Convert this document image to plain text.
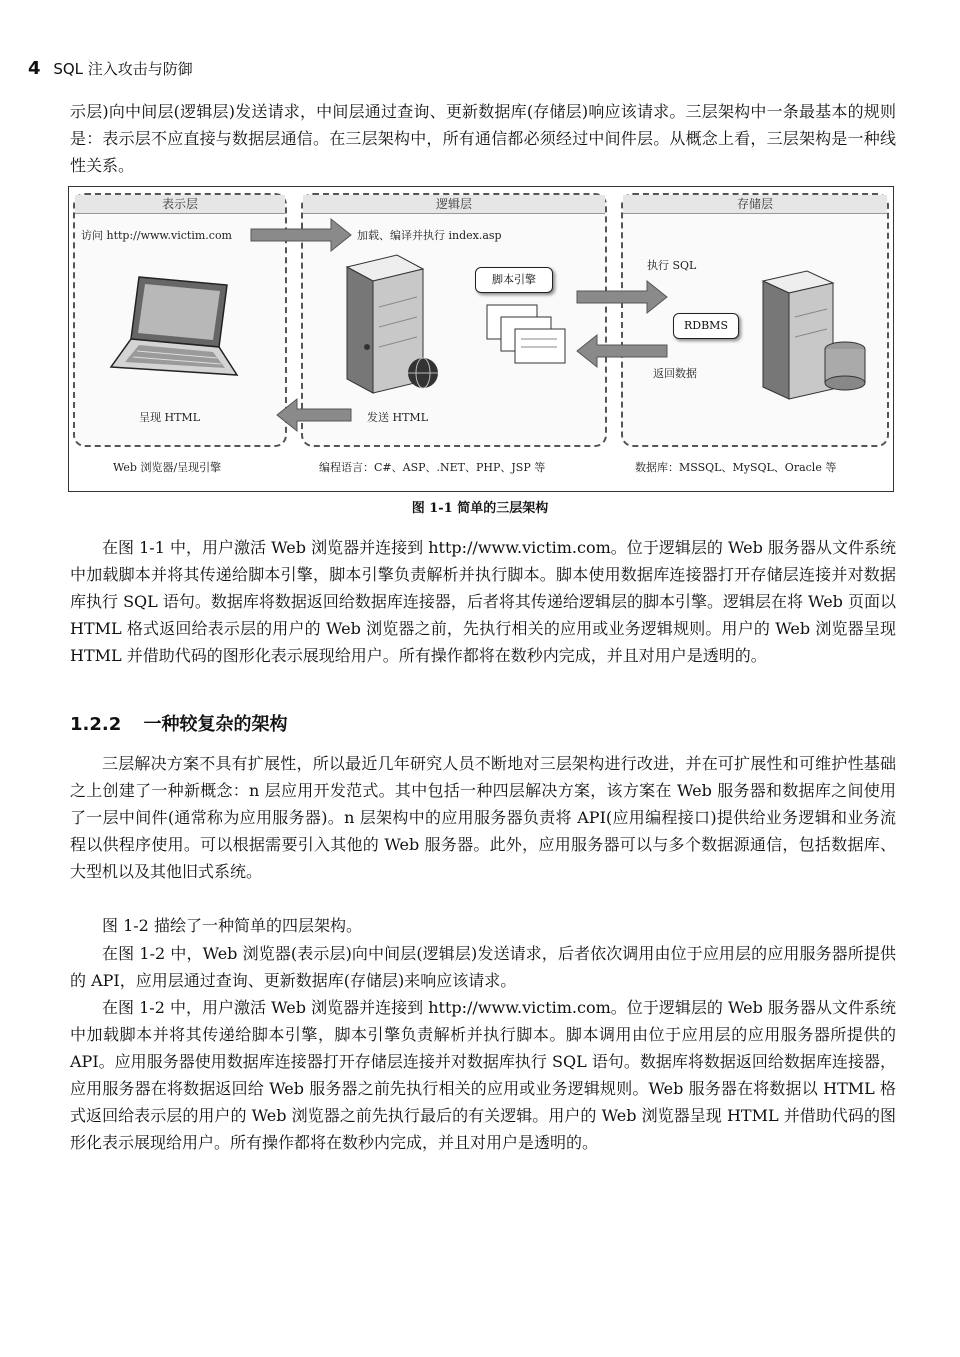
4 SQL 注入攻击与防御
示层)向中间层(逻辑层)发送请求，中间层通过查询、更新数据库(存储层)响应该请求。三层架构中一条最基本的规则是：表示层不应直接与数据层通信。在三层架构中，所有通信都必须经过中间件层。从概念上看，三层架构是一种线性关系。
表示层	逻辑层	存储层
脚本引擎
RDBMS
访问 http://www.victim.com	加载、编译并执行 index.asp
执行 SQL
返回数据
呈现 HTML	发送 HTML
Web 浏览器/呈现引擎	编程语言：C#、ASP、.NET、PHP、JSP 等	数据库：MSSQL、MySQL、Oracle 等
图 1-1 简单的三层架构
在图 1-1 中，用户激活 Web 浏览器并连接到 http://www.victim.com。位于逻辑层的 Web 服务器从文件系统中加载脚本并将其传递给脚本引擎，脚本引擎负责解析并执行脚本。脚本使用数据库连接器打开存储层连接并对数据库执行 SQL 语句。数据库将数据返回给数据库连接器，后者将其传递给逻辑层的脚本引擎。逻辑层在将 Web 页面以 HTML 格式返回给表示层的用户的 Web 浏览器之前，先执行相关的应用或业务逻辑规则。用户的 Web 浏览器呈现 HTML 并借助代码的图形化表示展现给用户。所有操作都将在数秒内完成，并且对用户是透明的。
1.2.2 一种较复杂的架构
三层解决方案不具有扩展性，所以最近几年研究人员不断地对三层架构进行改进，并在可扩展性和可维护性基础之上创建了一种新概念：n 层应用开发范式。其中包括一种四层解决方案，该方案在 Web 服务器和数据库之间使用了一层中间件(通常称为应用服务器)。n 层架构中的应用服务器负责将 API(应用编程接口)提供给业务逻辑和业务流程以供程序使用。可以根据需要引入其他的 Web 服务器。此外，应用服务器可以与多个数据源通信，包括数据库、大型机以及其他旧式系统。
图 1-2 描绘了一种简单的四层架构。
在图 1-2 中，Web 浏览器(表示层)向中间层(逻辑层)发送请求，后者依次调用由位于应用层的应用服务器所提供的 API，应用层通过查询、更新数据库(存储层)来响应该请求。
在图 1-2 中，用户激活 Web 浏览器并连接到 http://www.victim.com。位于逻辑层的 Web 服务器从文件系统中加载脚本并将其传递给脚本引擎，脚本引擎负责解析并执行脚本。脚本调用由位于应用层的应用服务器所提供的 API。应用服务器使用数据库连接器打开存储层连接并对数据库执行 SQL 语句。数据库将数据返回给数据库连接器，应用服务器在将数据返回给 Web 服务器之前先执行相关的应用或业务逻辑规则。Web 服务器在将数据以 HTML 格式返回给表示层的用户的 Web 浏览器之前先执行最后的有关逻辑。用户的 Web 浏览器呈现 HTML 并借助代码的图形化表示展现给用户。所有操作都将在数秒内完成，并且对用户是透明的。
